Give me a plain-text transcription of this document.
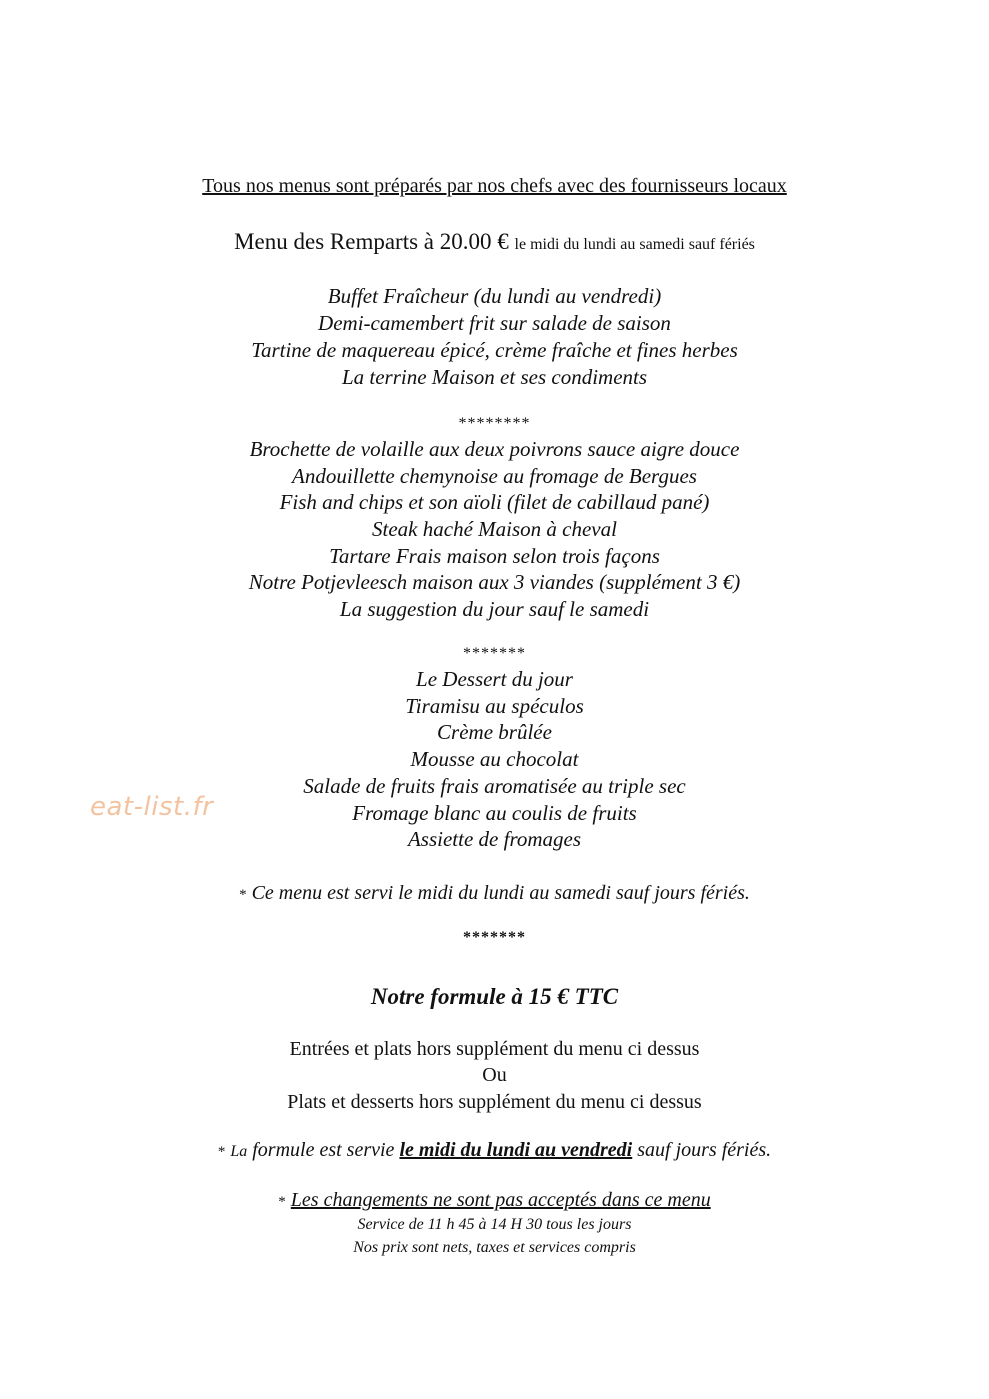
Tous nos menus sont préparés par nos chefs avec des fournisseurs locaux
Menu des Remparts à 20.00 € le midi du lundi au samedi sauf fériés
Buffet Fraîcheur (du lundi au vendredi)
Demi-camembert frit sur salade de saison
Tartine de maquereau épicé, crème fraîche et fines herbes
La terrine Maison et ses condiments
********
Brochette de volaille aux deux poivrons sauce aigre douce
Andouillette chemynoise au fromage de Bergues
Fish and chips et son aïoli (filet de cabillaud pané)
Steak haché Maison à cheval
Tartare Frais maison selon trois façons
Notre Potjevleesch maison aux 3 viandes (supplément 3 €)
La suggestion du jour sauf le samedi
*******
Le Dessert du jour
Tiramisu au spéculos
Crème brûlée
Mousse au chocolat
Salade de fruits frais aromatisée au triple sec
Fromage blanc au coulis de fruits
Assiette de fromages
* Ce menu est servi le midi du lundi au samedi sauf jours fériés.
*******
Notre formule à 15 € TTC
Entrées et plats hors supplément du menu ci dessus
Ou
Plats et desserts hors supplément du menu ci dessus
* La formule est servie le midi du lundi au vendredi sauf jours fériés.
* Les changements ne sont pas acceptés dans ce menu
Service de 11 h 45 à 14 H 30 tous les jours
Nos prix sont nets, taxes et services compris
eat-list.fr
